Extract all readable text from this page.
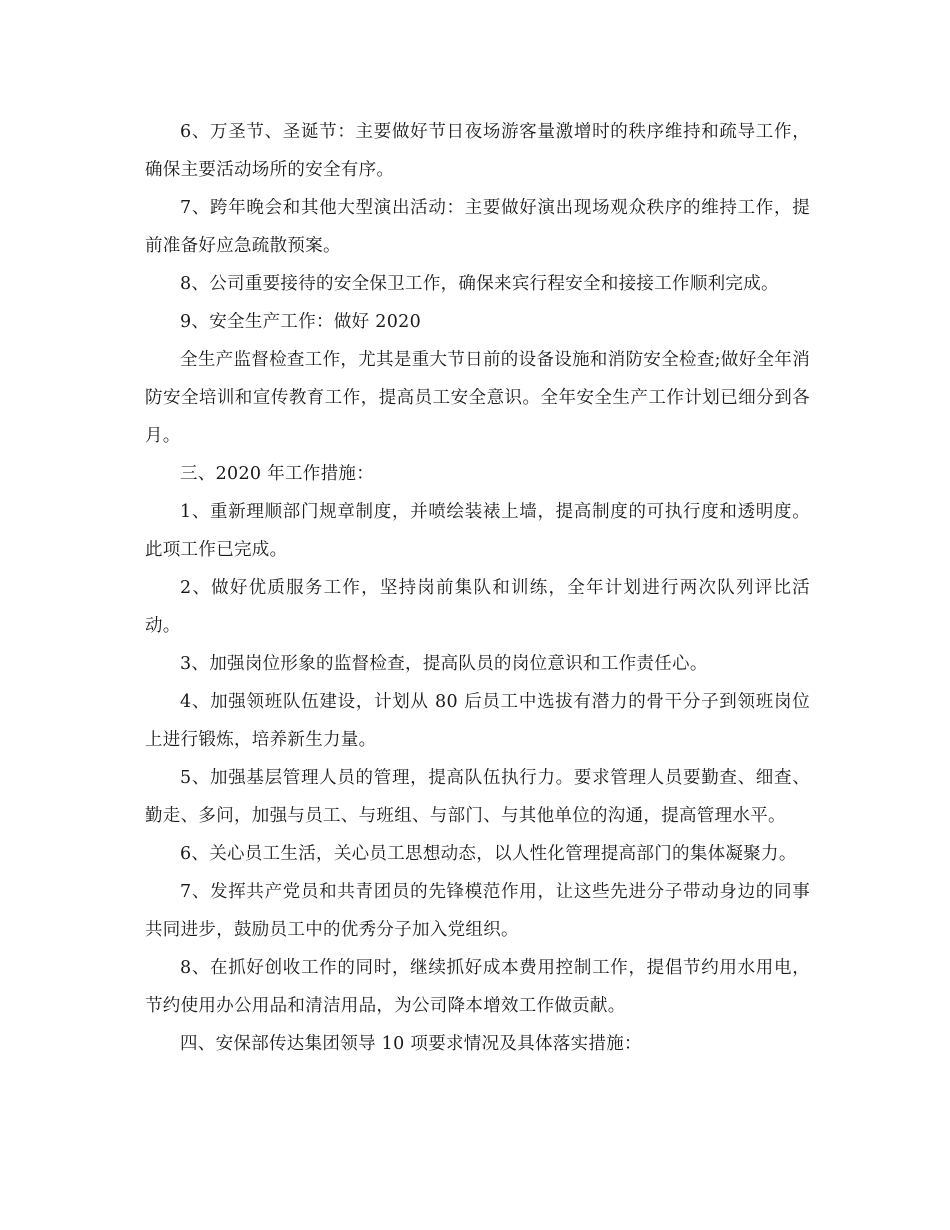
6、万圣节、圣诞节：主要做好节日夜场游客量激增时的秩序维持和疏导工作，确保主要活动场所的安全有序。

7、跨年晚会和其他大型演出活动：主要做好演出现场观众秩序的维持工作，提前准备好应急疏散预案。

8、公司重要接待的安全保卫工作，确保来宾行程安全和接接工作顺利完成。

9、安全生产工作：做好 2020

全生产监督检查工作，尤其是重大节日前的设备设施和消防安全检查;做好全年消防安全培训和宣传教育工作，提高员工安全意识。全年安全生产工作计划已细分到各月。

三、2020 年工作措施：

1、重新理顺部门规章制度，并喷绘装裱上墙，提高制度的可执行度和透明度。此项工作已完成。

2、做好优质服务工作，坚持岗前集队和训练，全年计划进行两次队列评比活动。

3、加强岗位形象的监督检查，提高队员的岗位意识和工作责任心。

4、加强领班队伍建设，计划从 80 后员工中选拔有潜力的骨干分子到领班岗位上进行锻炼，培养新生力量。

5、加强基层管理人员的管理，提高队伍执行力。要求管理人员要勤查、细查、勤走、多问，加强与员工、与班组、与部门、与其他单位的沟通，提高管理水平。

6、关心员工生活，关心员工思想动态，以人性化管理提高部门的集体凝聚力。

7、发挥共产党员和共青团员的先锋模范作用，让这些先进分子带动身边的同事共同进步，鼓励员工中的优秀分子加入党组织。

8、在抓好创收工作的同时，继续抓好成本费用控制工作，提倡节约用水用电，节约使用办公用品和清洁用品，为公司降本增效工作做贡献。

四、安保部传达集团领导 10 项要求情况及具体落实措施：
